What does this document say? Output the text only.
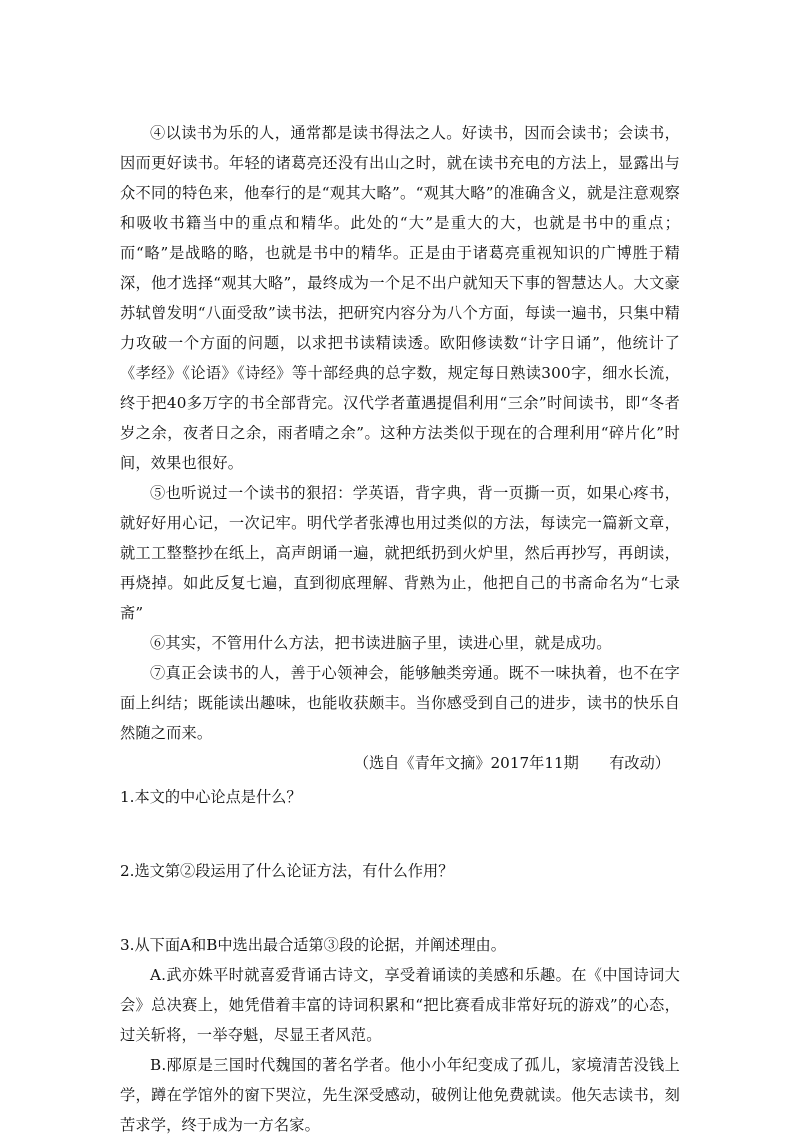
④以读书为乐的人，通常都是读书得法之人。好读书，因而会读书；会读书，因而更好读书。年轻的诸葛亮还没有出山之时，就在读书充电的方法上，显露出与众不同的特色来，他奉行的是“观其大略”。“观其大略”的准确含义，就是注意观察和吸收书籍当中的重点和精华。此处的“大”是重大的大，也就是书中的重点；而“略”是战略的略，也就是书中的精华。正是由于诸葛亮重视知识的广博胜于精深，他才选择“观其大略”，最终成为一个足不出户就知天下事的智慧达人。大文豪苏轼曾发明“八面受敌”读书法，把研究内容分为八个方面，每读一遍书，只集中精力攻破一个方面的问题，以求把书读精读透。欧阳修读数“计字日诵”，他统计了《孝经》《论语》《诗经》等十部经典的总字数，规定每日熟读300字，细水长流，终于把40多万字的书全部背完。汉代学者董遇提倡利用“三余”时间读书，即“冬者岁之余，夜者日之余，雨者晴之余”。这种方法类似于现在的合理利用“碎片化”时间，效果也很好。

⑤也听说过一个读书的狠招：学英语，背字典，背一页撕一页，如果心疼书，就好好用心记，一次记牢。明代学者张溥也用过类似的方法，每读完一篇新文章，就工工整整抄在纸上，高声朗诵一遍，就把纸扔到火炉里，然后再抄写，再朗读，再烧掉。如此反复七遍，直到彻底理解、背熟为止，他把自己的书斋命名为“七录斋”

⑥其实，不管用什么方法，把书读进脑子里，读进心里，就是成功。

⑦真正会读书的人，善于心领神会，能够触类旁通。既不一味执着，也不在字面上纠结；既能读出趣味，也能收获颇丰。当你感受到自己的进步，读书的快乐自然随之而来。

（选自《青年文摘》2017年11期　　有改动）

1.本文的中心论点是什么？

2.选文第②段运用了什么论证方法，有什么作用？

3.从下面A和B中选出最合适第③段的论据，并阐述理由。

A.武亦姝平时就喜爱背诵古诗文，享受着诵读的美感和乐趣。在《中国诗词大会》总决赛上，她凭借着丰富的诗词积累和“把比赛看成非常好玩的游戏”的心态，过关斩将，一举夺魁，尽显王者风范。

B.邴原是三国时代魏国的著名学者。他小小年纪变成了孤儿，家境清苦没钱上学，蹲在学馆外的窗下哭泣，先生深受感动，破例让他免费就读。他矢志读书，刻苦求学，终于成为一方名家。
